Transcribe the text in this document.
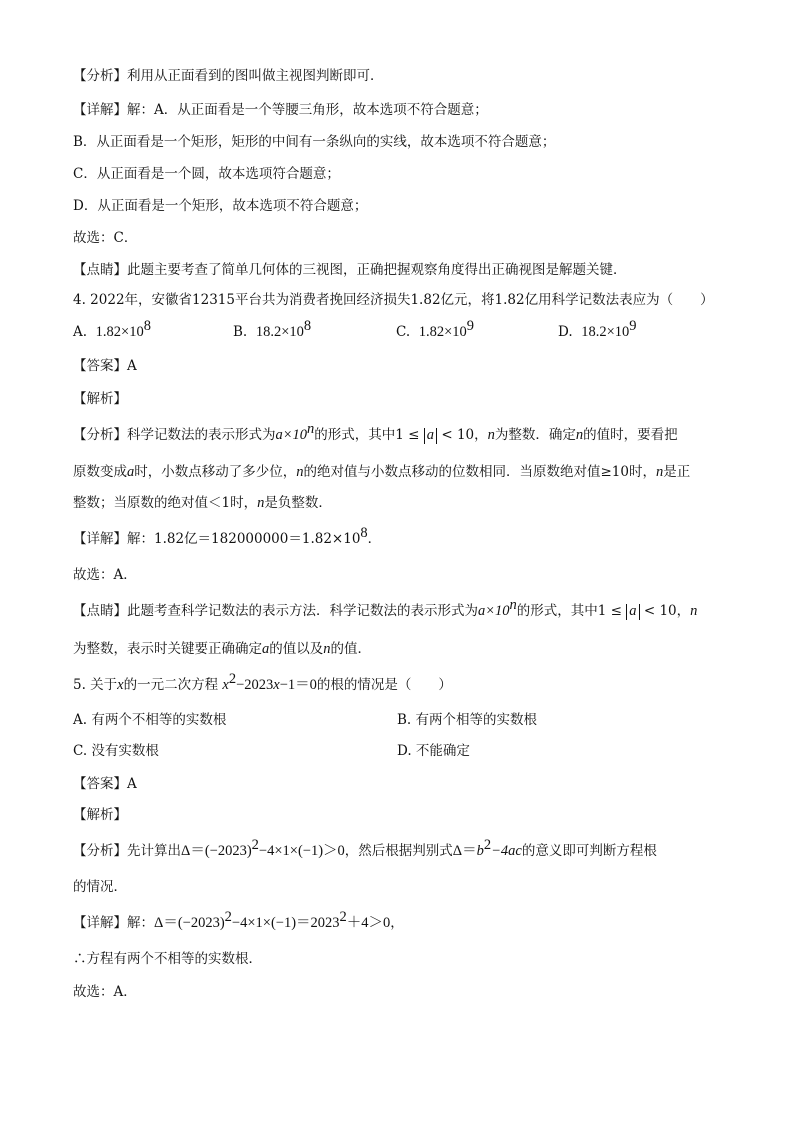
【分析】利用从正面看到的图叫做主视图判断即可．
【详解】解：A．从正面看是一个等腰三角形，故本选项不符合题意；
B．从正面看是一个矩形，矩形的中间有一条纵向的实线，故本选项不符合题意；
C．从正面看是一个圆，故本选项符合题意；
D．从正面看是一个矩形，故本选项不符合题意；
故选：C．
【点睛】此题主要考查了简单几何体的三视图，正确把握观察角度得出正确视图是解题关键．
4. 2022年，安徽省12315平台共为消费者挽回经济损失1.82亿元，将1.82亿用科学记数法表应为（　　）
A. $1.82\times 10^8$	B. $18.2\times 10^8$	C. $1.82\times 10^9$	D. $18.2\times 10^9$
【答案】A
【解析】
【分析】科学记数法的表示形式为$a\times 10^n$的形式，其中1 ≤ a < 10，n为整数．确定n的值时，要看把
原数变成a时，小数点移动了多少位，n的绝对值与小数点移动的位数相同．当原数绝对值≥10时，n是正
整数；当原数的绝对值＜1时，n是负整数．
【详解】解：1.82亿$=182000000=1.82\times 10^8$．
故选：A．
【点睛】此题考查科学记数法的表示方法．科学记数法的表示形式为$a\times 10^n$的形式，其中1 ≤ a < 10，n
为整数，表示时关键要正确确定a的值以及n的值．
5. 关于x的一元二次方程 $x^2-2023x-1=0$的根的情况是（　　）
A. 有两个不相等的实数根	B. 有两个相等的实数根
C. 没有实数根	D. 不能确定
【答案】A
【解析】
【分析】先计算出$\Delta=(-2023)^2-4\times 1\times(-1)>0$，然后根据判别式$\Delta=b^2-4ac$的意义即可判断方程根
的情况．
【详解】解：$\Delta=(-2023)^2-4\times 1\times(-1)=2023^2+4>0$，
∴方程有两个不相等的实数根．
故选：A．
